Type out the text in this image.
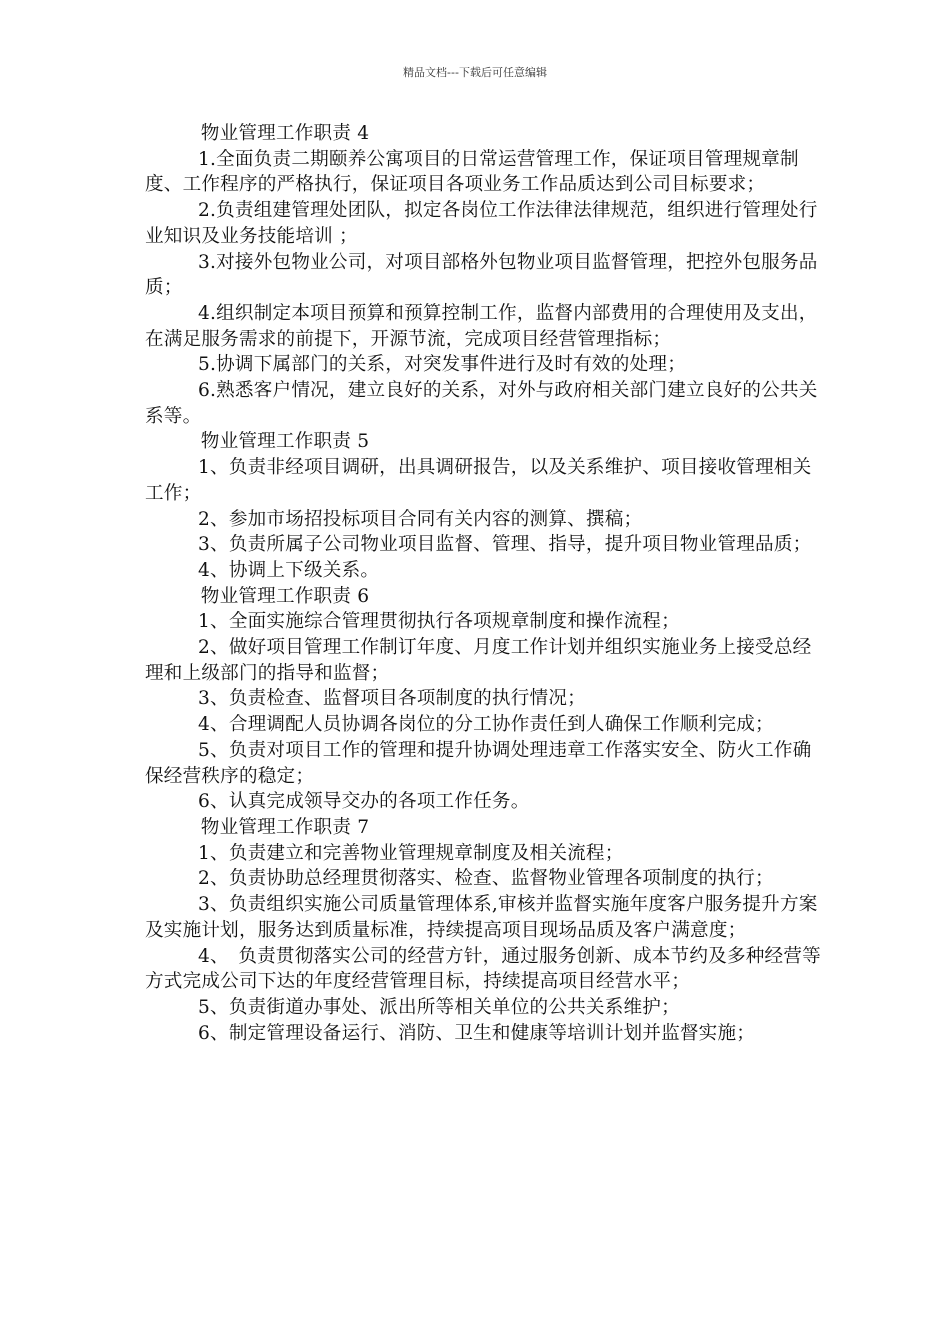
精品文档---下载后可任意编辑

物业管理工作职责 4

1.全面负责二期颐养公寓项目的日常运营管理工作，保证项目管理规章制度、工作程序的严格执行，保证项目各项业务工作品质达到公司目标要求；

2.负责组建管理处团队，拟定各岗位工作法律法律规范，组织进行管理处行业知识及业务技能培训 ；

3.对接外包物业公司，对项目部格外包物业项目监督管理，把控外包服务品质；

4.组织制定本项目预算和预算控制工作，监督内部费用的合理使用及支出，在满足服务需求的前提下，开源节流，完成项目经营管理指标；

5.协调下属部门的关系，对突发事件进行及时有效的处理；

6.熟悉客户情况，建立良好的关系，对外与政府相关部门建立良好的公共关系等。

物业管理工作职责 5

1、负责非经项目调研，出具调研报告，以及关系维护、项目接收管理相关工作；

2、参加市场招投标项目合同有关内容的测算、撰稿；

3、负责所属子公司物业项目监督、管理、指导，提升项目物业管理品质；

4、协调上下级关系。

物业管理工作职责 6

1、全面实施综合管理贯彻执行各项规章制度和操作流程；

2、做好项目管理工作制订年度、月度工作计划并组织实施业务上接受总经理和上级部门的指导和监督；

3、负责检查、监督项目各项制度的执行情况；

4、合理调配人员协调各岗位的分工协作责任到人确保工作顺利完成；

5、负责对项目工作的管理和提升协调处理违章工作落实安全、防火工作确保经营秩序的稳定；

6、认真完成领导交办的各项工作任务。

物业管理工作职责 7

1、负责建立和完善物业管理规章制度及相关流程；

2、负责协助总经理贯彻落实、检查、监督物业管理各项制度的执行；

3、负责组织实施公司质量管理体系,审核并监督实施年度客户服务提升方案及实施计划，服务达到质量标准，持续提高项目现场品质及客户满意度；

4、　负责贯彻落实公司的经营方针，通过服务创新、成本节约及多种经营等方式完成公司下达的年度经营管理目标，持续提高项目经营水平；

5、负责街道办事处、派出所等相关单位的公共关系维护；

6、制定管理设备运行、消防、卫生和健康等培训计划并监督实施；
